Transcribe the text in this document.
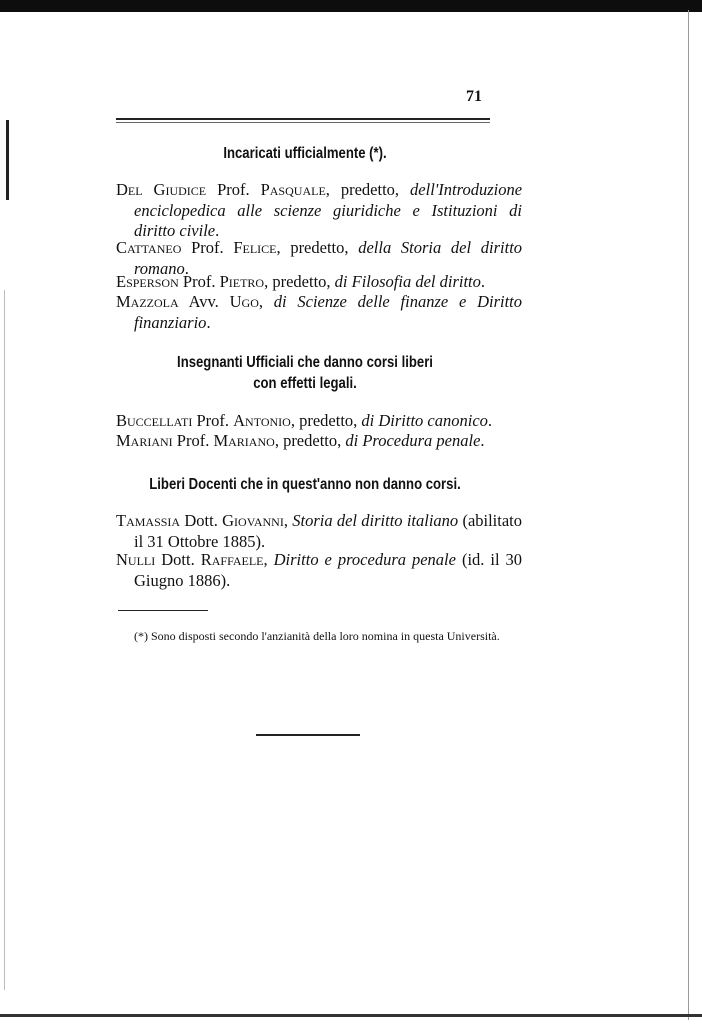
71
Incaricati ufficialmente (*).
Del Giudice Prof. Pasquale, predetto, dell'Introduzione enciclopedica alle scienze giuridiche e Istituzioni di diritto civile.
Cattaneo Prof. Felice, predetto, della Storia del diritto romano.
Esperson Prof. Pietro, predetto, di Filosofia del diritto.
Mazzola Avv. Ugo, di Scienze delle finanze e Diritto finanziario.
Insegnanti Ufficiali che danno corsi liberi
con effetti legali.
Buccellati Prof. Antonio, predetto, di Diritto canonico.
Mariani Prof. Mariano, predetto, di Procedura penale.
Liberi Docenti che in quest'anno non danno corsi.
Tamassia Dott. Giovanni, Storia del diritto italiano (abilitato il 31 Ottobre 1885).
Nulli Dott. Raffaele, Diritto e procedura penale (id. il 30 Giugno 1886).
(*) Sono disposti secondo l'anzianità della loro nomina in questa Università.
